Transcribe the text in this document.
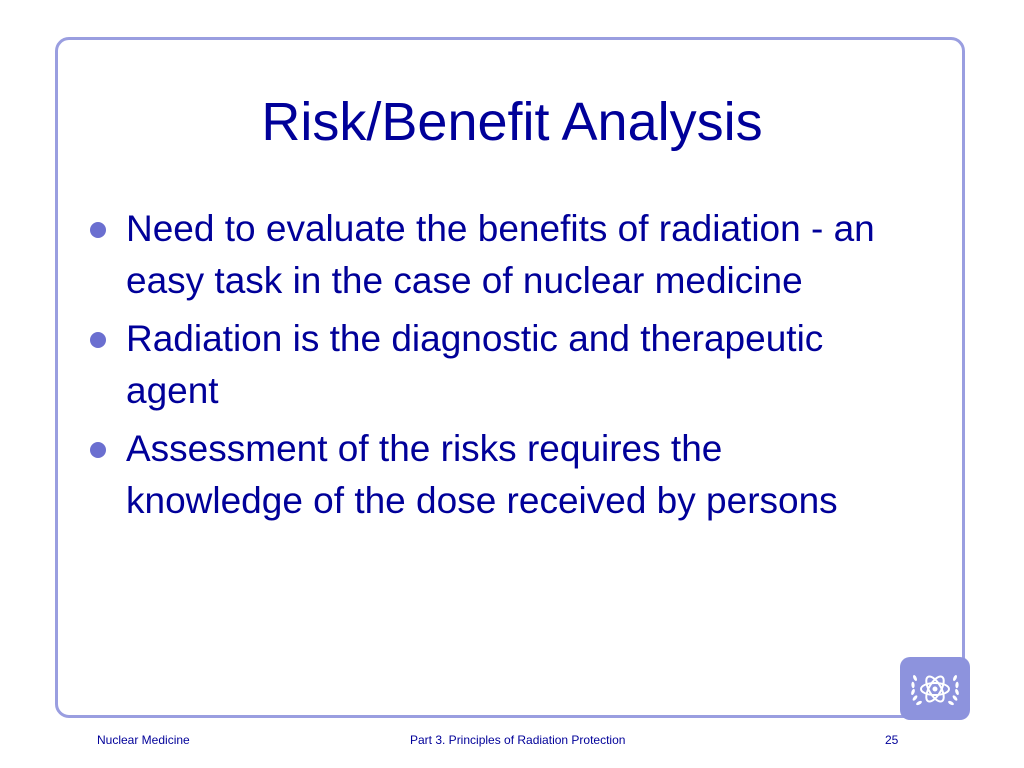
Risk/Benefit Analysis
Need to evaluate the benefits of radiation - an easy task in the case of nuclear medicine
Radiation is the diagnostic and therapeutic agent
Assessment of the risks requires the knowledge of the dose received by persons
Nuclear Medicine	Part 3. Principles of Radiation Protection	25
